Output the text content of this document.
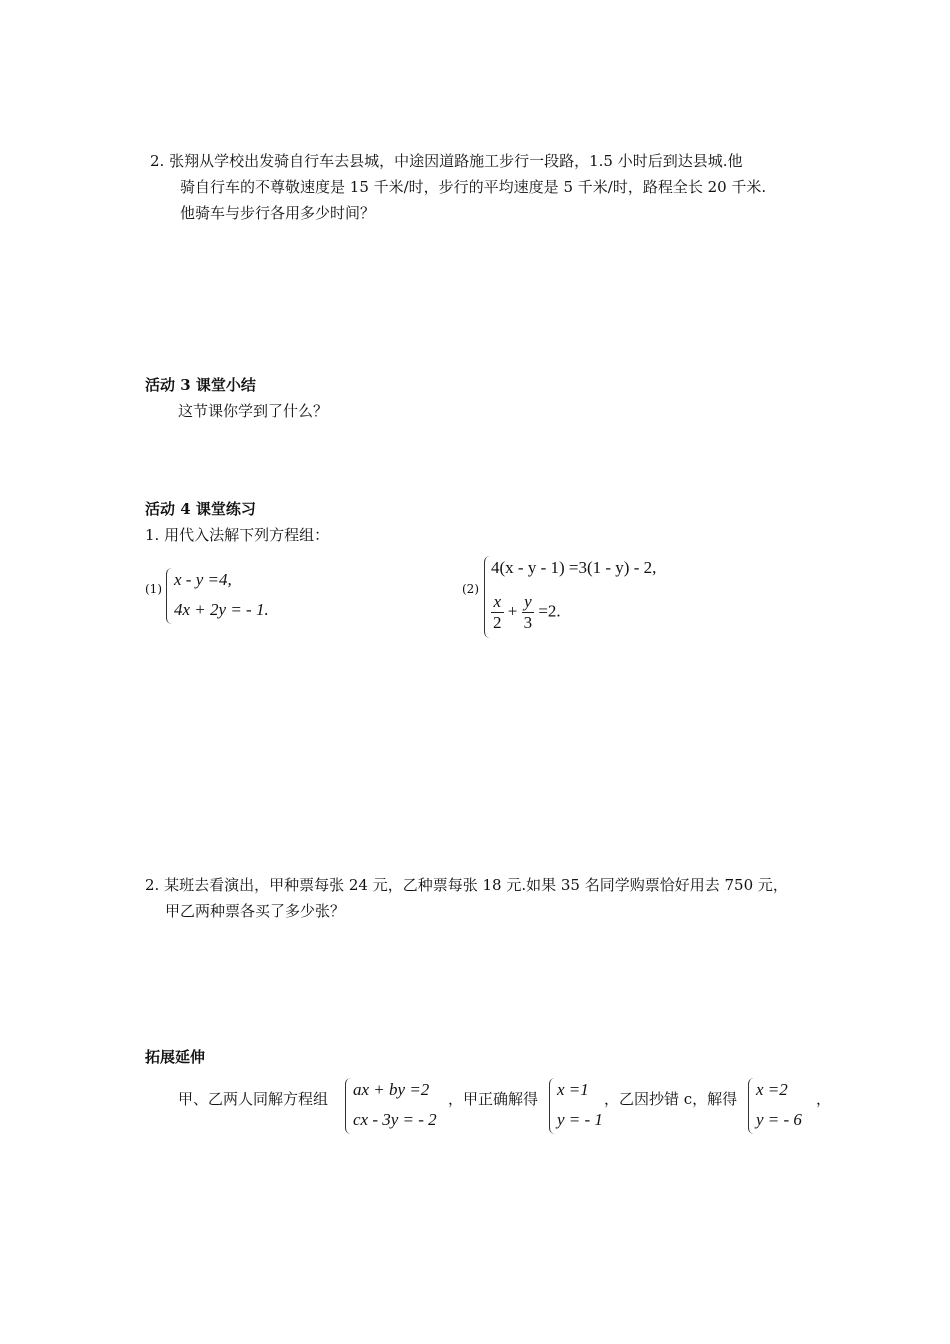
2. 张翔从学校出发骑自行车去县城，中途因道路施工步行一段路，1.5 小时后到达县城.他
骑自行车的不尊敬速度是 15 千米/时，步行的平均速度是 5 千米/时，路程全长 20 千米.
他骑车与步行各用多少时间？
活动 3 课堂小结
这节课你学到了什么？
活动 4 课堂练习
1. 用代入法解下列方程组：
(1) x - y =4,
4x + 2y = - 1.
(2)
4(x - y - 1) =3(1 - y) - 2,
$\frac{x}{2} + \frac{y}{3} =2$.
2. 某班去看演出，甲种票每张 24 元，乙种票每张 18 元.如果 35 名同学购票恰好用去 750 元，
甲乙两种票各买了多少张？
拓展延伸
甲、乙两人同解方程组 ax + by =2
cx - 3y = - 2
，甲正确解得 x =1
y = - 1
，乙因抄错 c，解得 x =2
y = - 6
，
